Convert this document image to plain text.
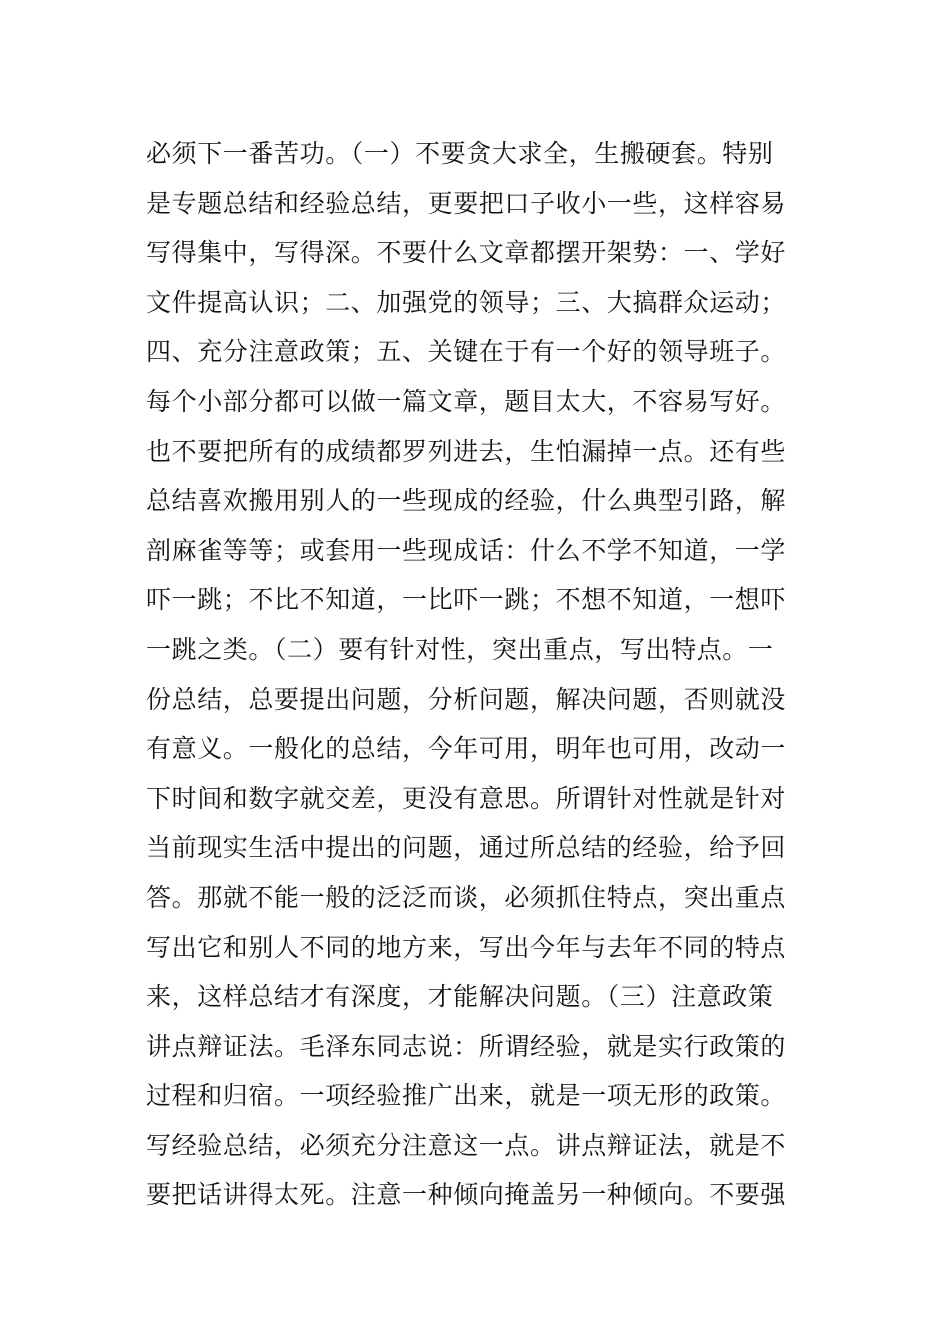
必须下一番苦功。（一）不要贪大求全，生搬硬套。特别
是专题总结和经验总结，更要把口子收小一些，这样容易
写得集中，写得深。不要什么文章都摆开架势：一、学好
文件提高认识；二、加强党的领导；三、大搞群众运动；
四、充分注意政策；五、关键在于有一个好的领导班子。
每个小部分都可以做一篇文章，题目太大，不容易写好。
也不要把所有的成绩都罗列进去，生怕漏掉一点。还有些
总结喜欢搬用别人的一些现成的经验，什么典型引路，解
剖麻雀等等；或套用一些现成话：什么不学不知道，一学
吓一跳；不比不知道，一比吓一跳；不想不知道，一想吓
一跳之类。（二）要有针对性，突出重点，写出特点。一
份总结，总要提出问题，分析问题，解决问题，否则就没
有意义。一般化的总结，今年可用，明年也可用，改动一
下时间和数字就交差，更没有意思。所谓针对性就是针对
当前现实生活中提出的问题，通过所总结的经验，给予回
答。那就不能一般的泛泛而谈，必须抓住特点，突出重点
写出它和别人不同的地方来，写出今年与去年不同的特点
来，这样总结才有深度，才能解决问题。（三）注意政策
讲点辩证法。毛泽东同志说：所谓经验，就是实行政策的
过程和归宿。一项经验推广出来，就是一项无形的政策。
写经验总结，必须充分注意这一点。讲点辩证法，就是不
要把话讲得太死。注意一种倾向掩盖另一种倾向。不要强
